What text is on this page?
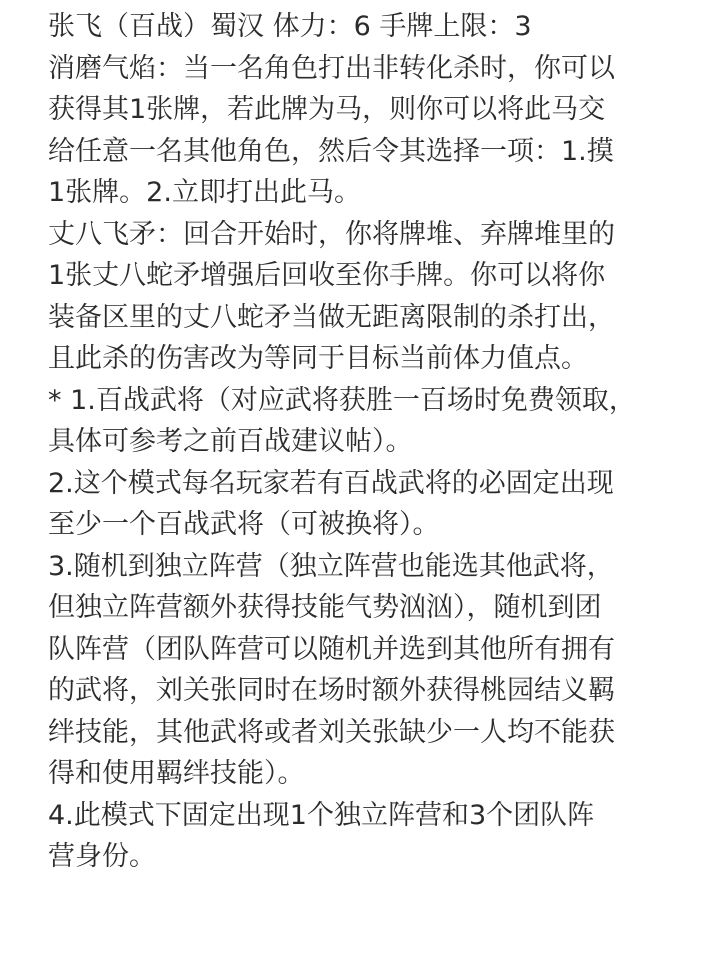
张飞（百战）蜀汉 体力：6 手牌上限：3

消磨气焰：当一名角色打出非转化杀时，你可以
获得其1张牌，若此牌为马，则你可以将此马交
给任意一名其他角色，然后令其选择一项：1.摸
1张牌。2.立即打出此马。

丈八飞矛：回合开始时，你将牌堆、弃牌堆里的
1张丈八蛇矛增强后回收至你手牌。你可以将你
装备区里的丈八蛇矛当做无距离限制的杀打出，
且此杀的伤害改为等同于目标当前体力值点。

* 1.百战武将（对应武将获胜一百场时免费领取，
具体可参考之前百战建议帖）。

2.这个模式每名玩家若有百战武将的必固定出现
至少一个百战武将（可被换将）。

3.随机到独立阵营（独立阵营也能选其他武将，
但独立阵营额外获得技能气势汹汹），随机到团
队阵营（团队阵营可以随机并选到其他所有拥有
的武将，刘关张同时在场时额外获得桃园结义羁
绊技能，其他武将或者刘关张缺少一人均不能获
得和使用羁绊技能）。

4.此模式下固定出现1个独立阵营和3个团队阵
营身份。
